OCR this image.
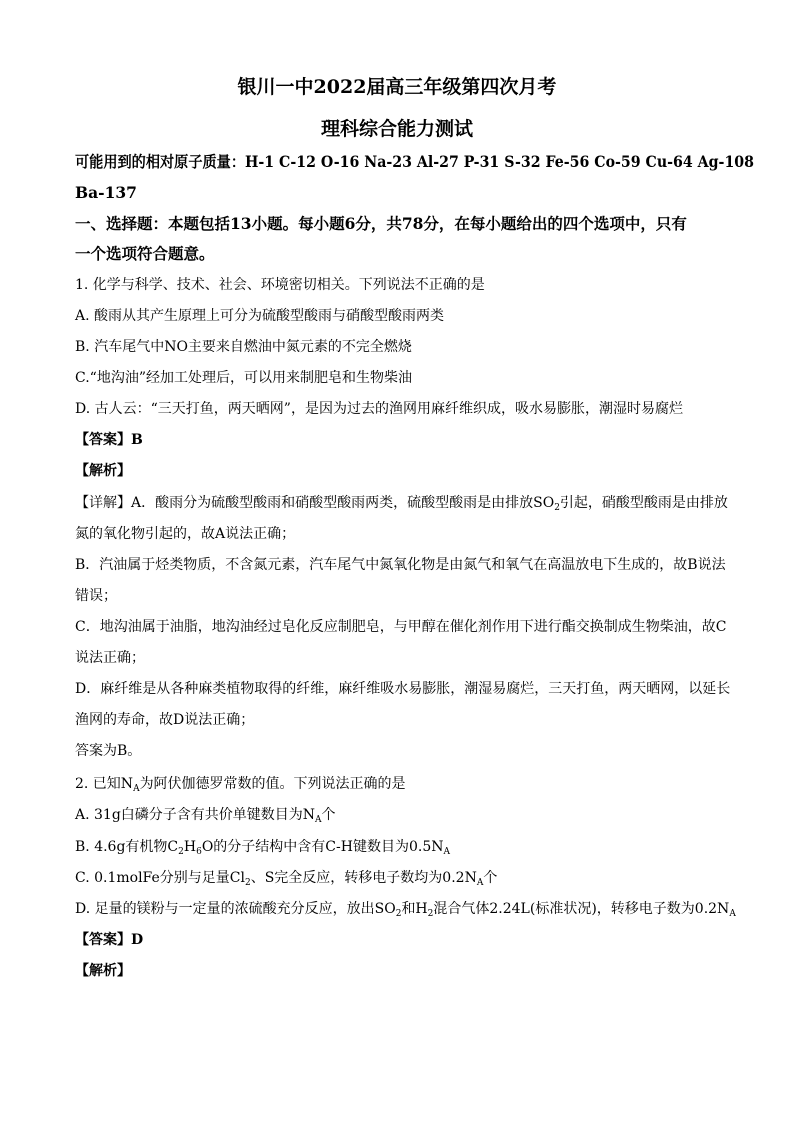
银川一中2022届高三年级第四次月考
理科综合能力测试
可能用到的相对原子质量：H-1 C-12 O-16 Na-23 Al-27 P-31 S-32 Fe-56 Co-59 Cu-64 Ag-108
Ba-137
一、选择题：本题包括13小题。每小题6分，共78分，在每小题给出的四个选项中，只有
一个选项符合题意。
1. 化学与科学、技术、社会、环境密切相关。下列说法不正确的是
A. 酸雨从其产生原理上可分为硫酸型酸雨与硝酸型酸雨两类
B. 汽车尾气中NO主要来自燃油中氮元素的不完全燃烧
C.“地沟油”经加工处理后，可以用来制肥皂和生物柴油
D. 古人云：“三天打鱼，两天晒网”，是因为过去的渔网用麻纤维织成，吸水易膨胀，潮湿时易腐烂
【答案】B
【解析】
【详解】A．酸雨分为硫酸型酸雨和硝酸型酸雨两类，硫酸型酸雨是由排放$SO_2$引起，硝酸型酸雨是由排放
氮的氧化物引起的，故A说法正确；
B．汽油属于烃类物质，不含氮元素，汽车尾气中氮氧化物是由氮气和氧气在高温放电下生成的，故B说法
错误；
C．地沟油属于油脂，地沟油经过皂化反应制肥皂，与甲醇在催化剂作用下进行酯交换制成生物柴油，故C
说法正确；
D．麻纤维是从各种麻类植物取得的纤维，麻纤维吸水易膨胀，潮湿易腐烂，三天打鱼，两天晒网，以延长
渔网的寿命，故D说法正确；
答案为B。
2. 已知$N_A$为阿伏伽德罗常数的值。下列说法正确的是
A. 31g白磷分子含有共价单键数目为$N_A$个
B. 4.6g有机物$C_2H_6O$的分子结构中含有C-H键数目为$0.5N_A$
C. 0.1molFe分别与足量$Cl_2$、S完全反应，转移电子数均为$0.2N_A$个
D. 足量的镁粉与一定量的浓硫酸充分反应，放出$SO_2$和$H_2$混合气体2.24L(标准状况)，转移电子数为$0.2N_A$
【答案】D
【解析】
